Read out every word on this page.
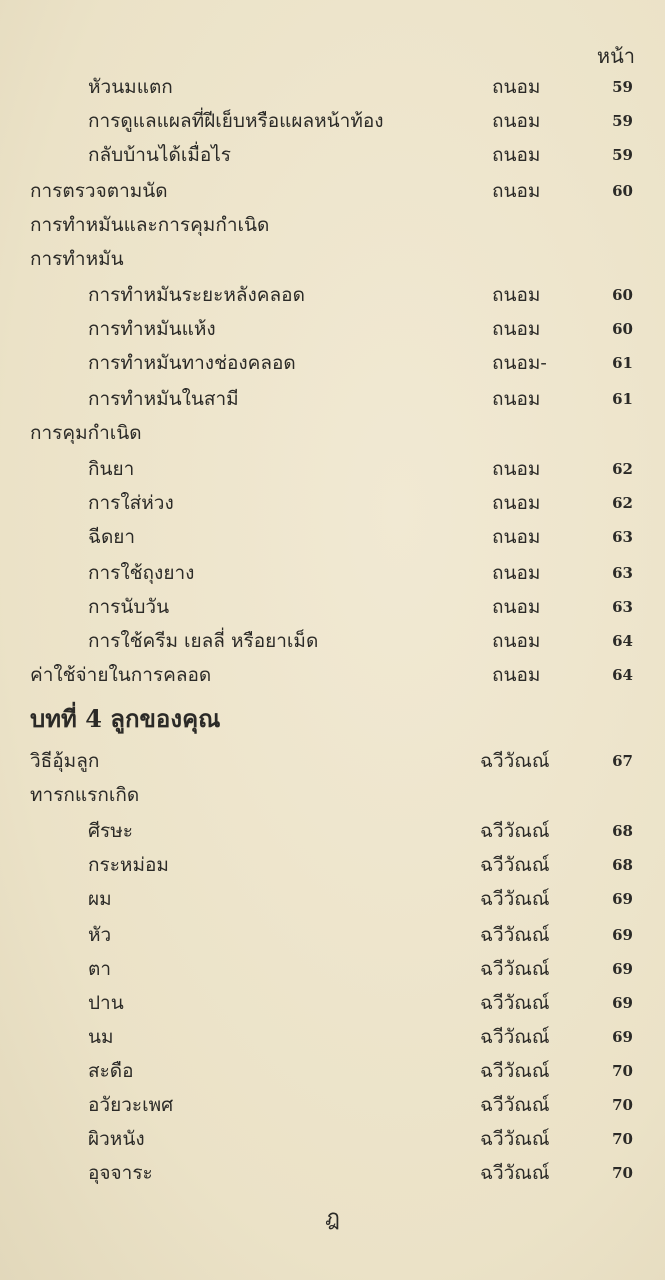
หน้า
หัวนมแตก	ถนอม	59
การดูแลแผลที่ฝีเย็บหรือแผลหน้าท้อง	ถนอม	59
กลับบ้านได้เมื่อไร	ถนอม	59
การตรวจตามนัด	ถนอม	60
การทำหมันและการคุมกำเนิด
การทำหมัน
การทำหมันระยะหลังคลอด	ถนอม	60
การทำหมันแห้ง	ถนอม	60
การทำหมันทางช่องคลอด	ถนอม-	61
การทำหมันในสามี	ถนอม	61
การคุมกำเนิด
กินยา	ถนอม	62
การใส่ห่วง	ถนอม	62
ฉีดยา	ถนอม	63
การใช้ถุงยาง	ถนอม	63
การนับวัน	ถนอม	63
การใช้ครีม เยลลี่ หรือยาเม็ด	ถนอม	64
ค่าใช้จ่ายในการคลอด	ถนอม	64
บทที่ 4 ลูกของคุณ
วิธีอุ้มลูก	ฉวีวัณณ์	67
ทารกแรกเกิด
ศีรษะ	ฉวีวัณณ์	68
กระหม่อม	ฉวีวัณณ์	68
ผม	ฉวีวัณณ์	69
หัว	ฉวีวัณณ์	69
ตา	ฉวีวัณณ์	69
ปาน	ฉวีวัณณ์	69
นม	ฉวีวัณณ์	69
สะดือ	ฉวีวัณณ์	70
อวัยวะเพศ	ฉวีวัณณ์	70
ผิวหนัง	ฉวีวัณณ์	70
อุจจาระ	ฉวีวัณณ์	70
ฎ
